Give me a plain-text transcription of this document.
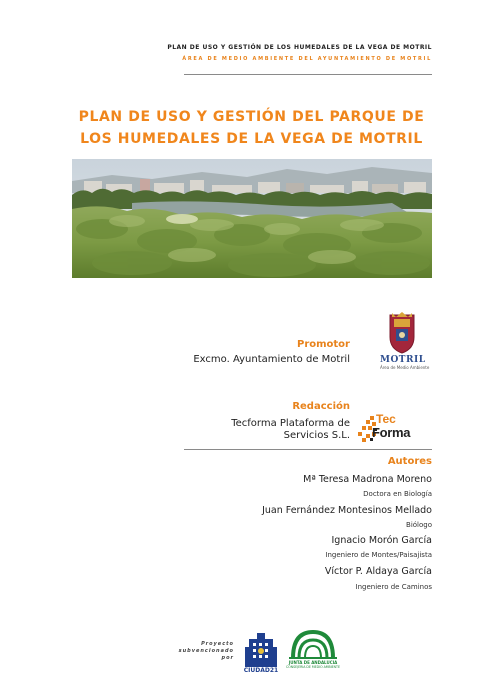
PLAN DE USO Y GESTIÓN DE LOS HUMEDALES DE LA VEGA DE MOTRIL
ÁREA DE MEDIO AMBIENTE DEL AYUNTAMIENTO DE MOTRIL
PLAN DE USO Y GESTIÓN DEL PARQUE DE
LOS HUMEDALES DE LA VEGA DE MOTRIL
Promotor
Excmo. Ayuntamiento de Motril	MOTRIL
Área de Medio Ambiente
Redacción
Tecforma Plataforma de
Servicios S.L.
Tec
Forma
Autores
Mª Teresa Madrona Moreno
Doctora en Biología
Juan Fernández Montesinos Mellado
Biólogo
Ignacio Morón García
Ingeniero de Montes/Paisajista
Víctor P. Aldaya García
Ingeniero de Caminos
Proyecto
subvencionado
por
CIUDAD21
JUNTA DE ANDALUCIA
CONSEJERIA DE MEDIO AMBIENTE
